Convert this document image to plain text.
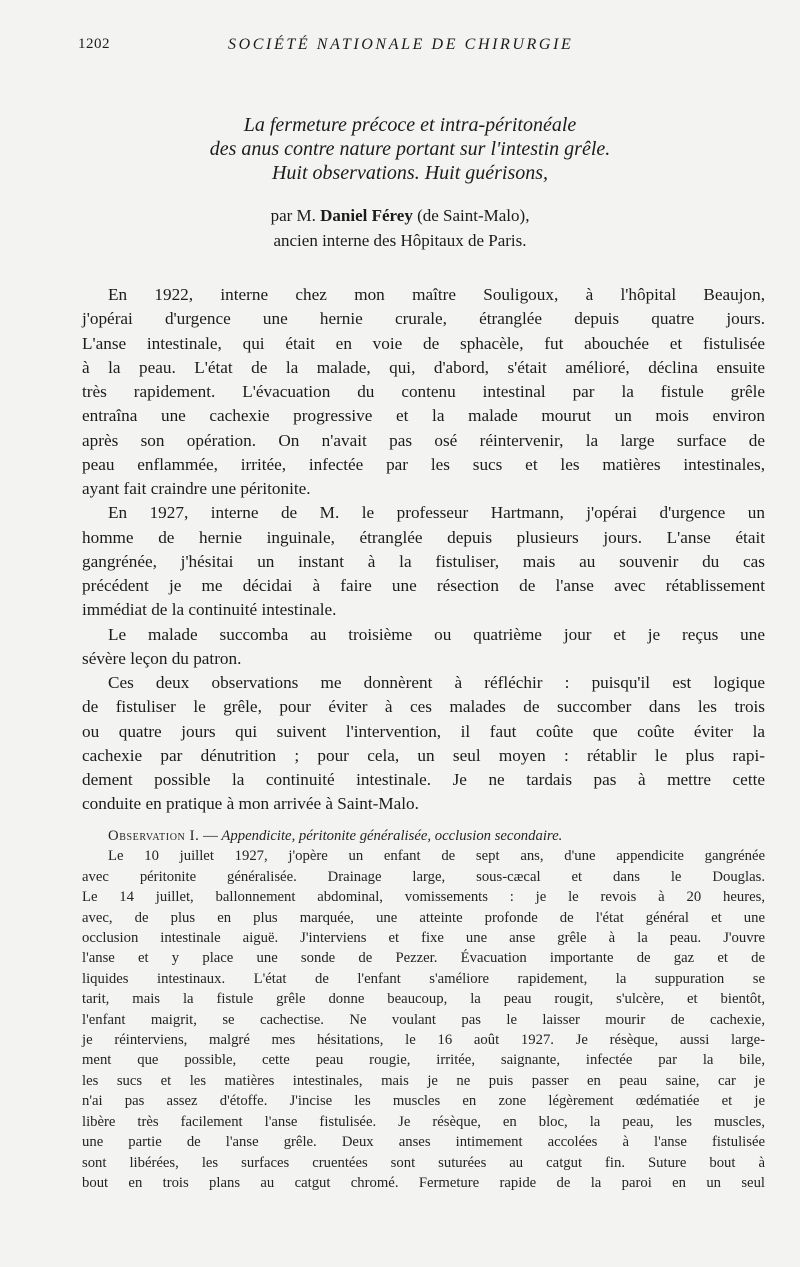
1202	SOCIÉTÉ NATIONALE DE CHIRURGIE
La fermeture précoce et intra-péritonéale
des anus contre nature portant sur l'intestin grêle.
Huit observations. Huit guérisons,
par M. Daniel Férey (de Saint-Malo),
ancien interne des Hôpitaux de Paris.
En 1922, interne chez mon maître Souligoux, à l'hôpital Beaujon,
j'opérai d'urgence une hernie crurale, étranglée depuis quatre jours.
L'anse intestinale, qui était en voie de sphacèle, fut abouchée et fistulisée
à la peau. L'état de la malade, qui, d'abord, s'était amélioré, déclina ensuite
très rapidement. L'évacuation du contenu intestinal par la fistule grêle
entraîna une cachexie progressive et la malade mourut un mois environ
après son opération. On n'avait pas osé réintervenir, la large surface de
peau enflammée, irritée, infectée par les sucs et les matières intestinales,
ayant fait craindre une péritonite.
En 1927, interne de M. le professeur Hartmann, j'opérai d'urgence un
homme de hernie inguinale, étranglée depuis plusieurs jours. L'anse était
gangrénée, j'hésitai un instant à la fistuliser, mais au souvenir du cas
précédent je me décidai à faire une résection de l'anse avec rétablissement
immédiat de la continuité intestinale.
Le malade succomba au troisième ou quatrième jour et je reçus une
sévère leçon du patron.
Ces deux observations me donnèrent à réfléchir : puisqu'il est logique
de fistuliser le grêle, pour éviter à ces malades de succomber dans les trois
ou quatre jours qui suivent l'intervention, il faut coûte que coûte éviter la
cachexie par dénutrition ; pour cela, un seul moyen : rétablir le plus rapi-
dement possible la continuité intestinale. Je ne tardais pas à mettre cette
conduite en pratique à mon arrivée à Saint-Malo.
Observation I. — Appendicite, péritonite généralisée, occlusion secondaire.
Le 10 juillet 1927, j'opère un enfant de sept ans, d'une appendicite gangrénée
avec péritonite généralisée. Drainage large, sous-cæcal et dans le Douglas.
Le 14 juillet, ballonnement abdominal, vomissements : je le revois à 20 heures,
avec, de plus en plus marquée, une atteinte profonde de l'état général et une
occlusion intestinale aiguë. J'interviens et fixe une anse grêle à la peau. J'ouvre
l'anse et y place une sonde de Pezzer. Évacuation importante de gaz et de
liquides intestinaux. L'état de l'enfant s'améliore rapidement, la suppuration se
tarit, mais la fistule grêle donne beaucoup, la peau rougit, s'ulcère, et bientôt,
l'enfant maigrit, se cachectise. Ne voulant pas le laisser mourir de cachexie,
je réinterviens, malgré mes hésitations, le 16 août 1927. Je résèque, aussi large-
ment que possible, cette peau rougie, irritée, saignante, infectée par la bile,
les sucs et les matières intestinales, mais je ne puis passer en peau saine, car je
n'ai pas assez d'étoffe. J'incise les muscles en zone légèrement œdématiée et je
libère très facilement l'anse fistulisée. Je résèque, en bloc, la peau, les muscles,
une partie de l'anse grêle. Deux anses intimement accolées à l'anse fistulisée
sont libérées, les surfaces cruentées sont suturées au catgut fin. Suture bout à
bout en trois plans au catgut chromé. Fermeture rapide de la paroi en un seul
